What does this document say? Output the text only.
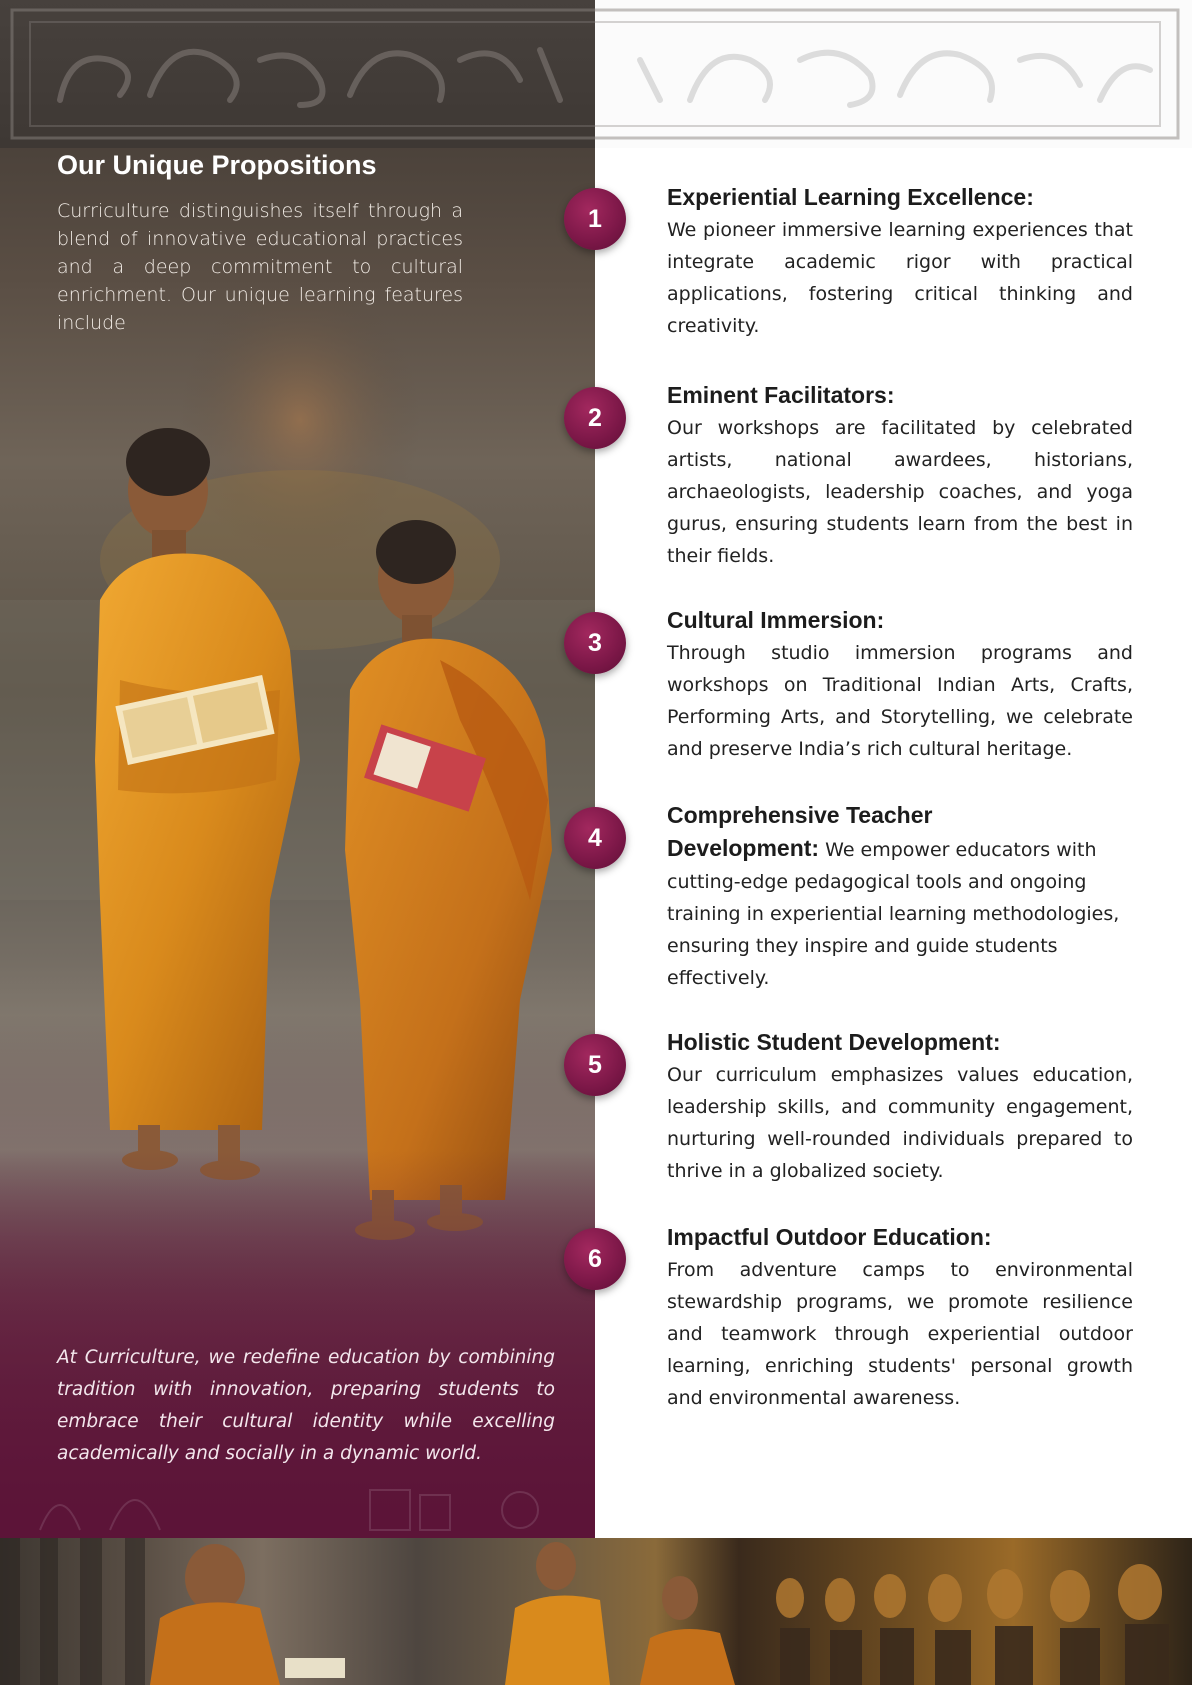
Our Unique Propositions

Curriculture distinguishes itself through a blend of innovative educational practices and a deep commitment to cultural enrichment. Our unique learning features include

At Curriculture, we redefine education by combining tradition with innovation, preparing students to embrace their cultural identity while excelling academically and socially in a dynamic world.

1
2
3
4
5
6
Experiential Learning Excellence:

We pioneer immersive learning experiences that integrate academic rigor with practical applications, fostering critical thinking and creativity.

Eminent Facilitators:

Our workshops are facilitated by celebrated artists, national awardees, historians, archaeologists, leadership coaches, and yoga gurus, ensuring students learn from the best in their fields.

Cultural Immersion:

Through studio immersion programs and workshops on Traditional Indian Arts, Crafts, Performing Arts, and Storytelling, we celebrate and preserve India’s rich cultural heritage.

Comprehensive Teacher

Development: We empower educators with cutting-edge pedagogical tools and ongoing training in experiential learning methodologies, ensuring they inspire and guide students effectively.

Holistic Student Development:

Our curriculum emphasizes values education, leadership skills, and community engagement, nurturing well-rounded individuals prepared to thrive in a globalized society.

Impactful Outdoor Education:

From adventure camps to environmental stewardship programs, we promote resilience and teamwork through experiential outdoor learning, enriching students' personal growth and environmental awareness.
